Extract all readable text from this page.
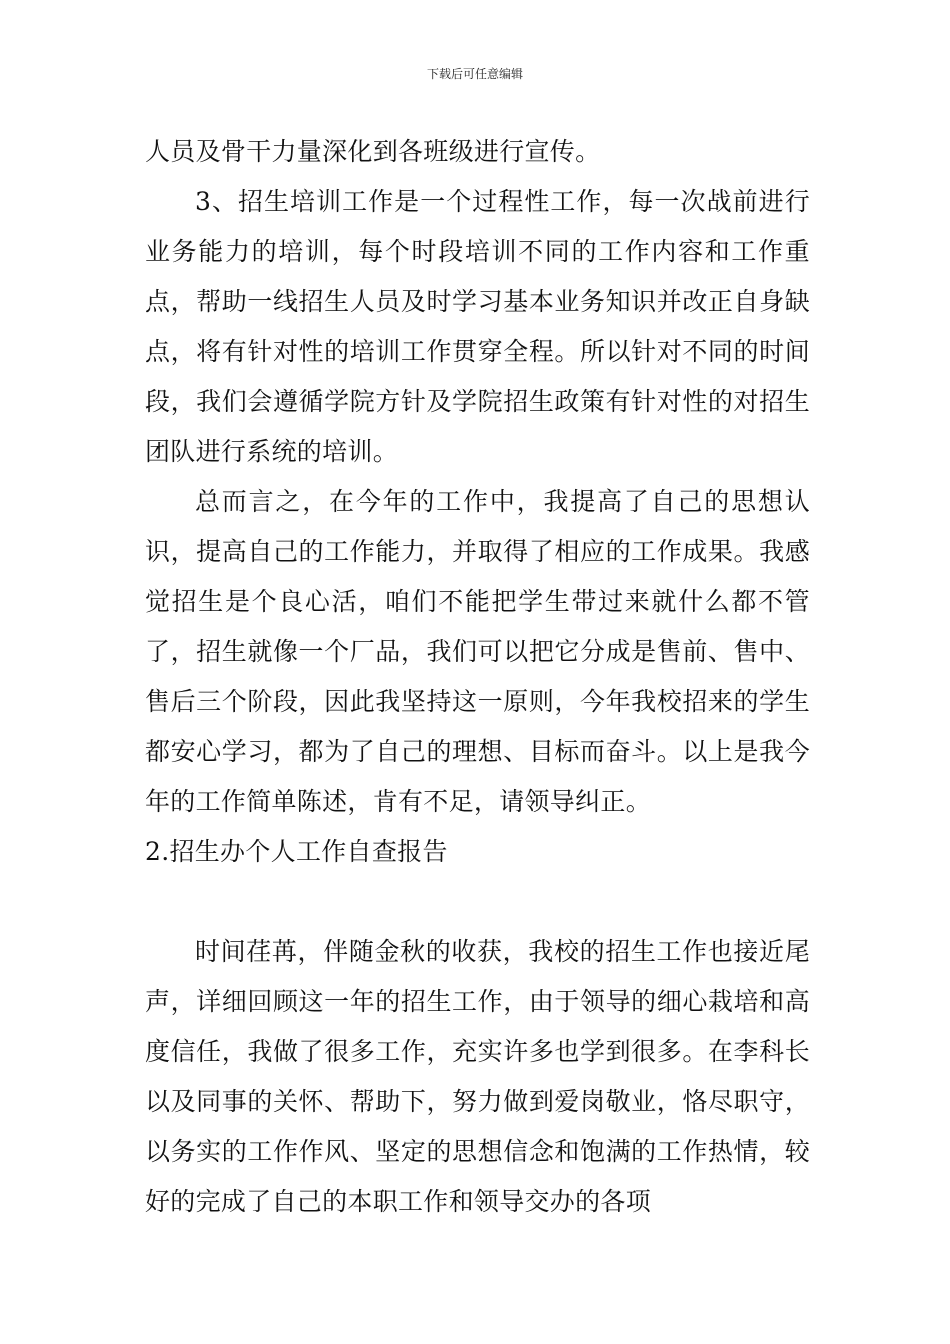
下载后可任意编辑

人员及骨干力量深化到各班级进行宣传。

3、招生培训工作是一个过程性工作，每一次战前进行业务能力的培训，每个时段培训不同的工作内容和工作重点，帮助一线招生人员及时学习基本业务知识并改正自身缺点，将有针对性的培训工作贯穿全程。所以针对不同的时间段，我们会遵循学院方针及学院招生政策有针对性的对招生团队进行系统的培训。

总而言之，在今年的工作中，我提高了自己的思想认识，提高自己的工作能力，并取得了相应的工作成果。我感觉招生是个良心活，咱们不能把学生带过来就什么都不管了，招生就像一个厂品，我们可以把它分成是售前、售中、售后三个阶段，因此我坚持这一原则，今年我校招来的学生都安心学习，都为了自己的理想、目标而奋斗。以上是我今年的工作简单陈述，肯有不足，请领导纠正。

2.招生办个人工作自查报告

时间荏苒，伴随金秋的收获，我校的招生工作也接近尾声，详细回顾这一年的招生工作，由于领导的细心栽培和高度信任，我做了很多工作，充实许多也学到很多。在李科长以及同事的关怀、帮助下，努力做到爱岗敬业，恪尽职守，以务实的工作作风、坚定的思想信念和饱满的工作热情，较好的完成了自己的本职工作和领导交办的各项
